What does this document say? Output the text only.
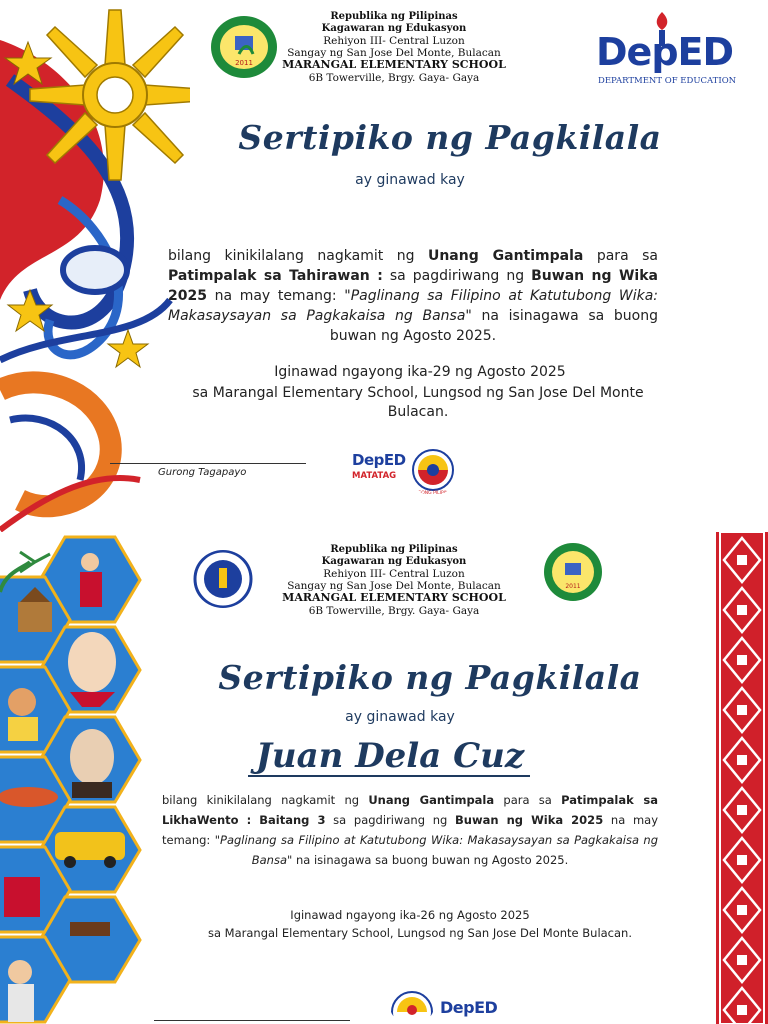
2011
Republika ng Pilipinas
Kagawaran ng Edukasyon
Rehiyon III- Central Luzon
Sangay ng San Jose Del Monte, Bulacan
MARANGAL ELEMENTARY SCHOOL
6B Towerville, Brgy. Gaya- Gaya
DepED
DEPARTMENT OF EDUCATION
Sertipiko ng Pagkilala
ay ginawad kay
bilang kinikilalang nagkamit ng Unang Gantimpala para sa Patimpalak sa Tahirawan : sa pagdiriwang ng Buwan ng Wika 2025 na may temang: "Paglinang sa Filipino at Katutubong Wika: Makasaysayan sa Pagkakaisa ng Bansa" na isinagawa sa buong buwan ng Agosto 2025.
Iginawad ngayong ika-29 ng Agosto 2025
sa Marangal Elementary School, Lungsod ng San Jose Del Monte Bulacan.
Gurong Tagapayo
DepED
MATATAG
BAGONG PILIPINAS
Republika ng Pilipinas
Kagawaran ng Edukasyon
Rehiyon III- Central Luzon
Sangay ng San Jose Del Monte, Bulacan
MARANGAL ELEMENTARY SCHOOL
6B Towerville, Brgy. Gaya- Gaya
2011
Sertipiko ng Pagkilala
ay ginawad kay
Juan Dela Cuz
bilang kinikilalang nagkamit ng Unang Gantimpala para sa Patimpalak sa LikhaWento : Baitang 3 sa pagdiriwang ng Buwan ng Wika 2025 na may temang: "Paglinang sa Filipino at Katutubong Wika: Makasaysayan sa Pagkakaisa ng Bansa" na isinagawa sa buong buwan ng Agosto 2025.
Iginawad ngayong ika-26 ng Agosto 2025
sa Marangal Elementary School, Lungsod ng San Jose Del Monte Bulacan.
DepED
